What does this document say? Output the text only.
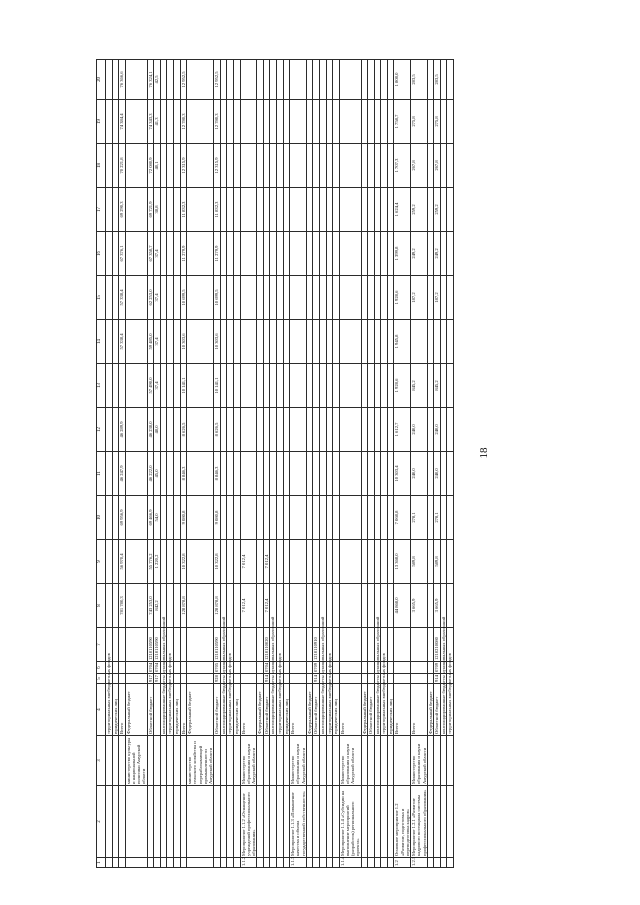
18
1	2	3	4	5	6	7	8	9	10	11	12	13	14	15	16	17	18	19	20
			территориальных внебюджетных фондов																
			юридических лиц																
			Всего				781 780,3	56 970,4	69 956,9	46 247,9	46 289,9		57 338,4	57 338,4	67 376,1	69 290,3	70 221,8	74 384,4	76 366,6
		министерство культуры и национальной политики Амурской области	Федеральный бюджет																
			Областной бюджет	917	0704	1210110590	743 253,0	55 776,2	69 466,9	46 222,0	46 238,0	57 490,0	59 485,0	62 253,0	67 358,7	69 721,9	72 080,9	74 343,3	76 324,1
				917	0704	1210110590	842,2	1 220,2	54,0	45,0	48,0	37,4	37,4	37,4	37,4	38,8	40,1	41,3	42,5
			консолидированные бюджеты муниципальных образований																
			территориальных внебюджетных фондов																
			юридических лиц																
			Всего				128 878,8	10 322,8	9 080,8	8 846,3	8 626,5	10 141,1	10 303,6	10 699,5	11 279,9	11 832,3	12 315,9	12 780,3	12 952,5
		министерство сельского хозяйства и перерабатывающей промышленности Амурской области	Федеральный бюджет																
			Областной бюджет	928	0705	1210110590	128 878,8	10 322,8	9 080,8	8 846,3	8 626,5	10 141,1	10 303,6	10 699,5	11 279,9	11 832,3	12 315,9	12 780,3	12 952,5
			консолидированные бюджеты муниципальных образований																
			территориальных внебюджетных фондов																
			юридических лиц																
1.1.2	Мероприятие 1.1.2 «Оснащение учреждений профессионального образования»	Министерство образования и науки Амурской области	Всего				7 012,4	7 012,4											
			Федеральный бюджет																
			Областной бюджет	914	0704	1210110020	7 012,4	7 012,4											
			консолидированные бюджеты муниципальных образований																
			территориальных внебюджетных фондов																
			юридических лиц																
1.1.3	Мероприятие 1.1.3 «Повышение качества и объема государственной собственности»	Министерство образования и науки Амурской области	Всего																
			Федеральный бюджет																
			Областной бюджет	914	0709	1210110910													
			консолидированные бюджеты муниципальных образований																
			территориальных внебюджетных фондов																
			юридических лиц																
1.1.4	Мероприятие 1.1.4 «Субсидии на выполнение мероприятий (разработок) регионального проекта»	Министерство образования и науки Амурской области	Всего																
			Федеральный бюджет																
			Областной бюджет																
			консолидированные бюджеты муниципальных образований																
			территориальных внебюджетных фондов																
			юридических лиц																
1.2	Основное мероприятие 1.2 «Развитие, подготовка и переподготовка кадров»		Всего				44 868,0	13 368,0	7 068,8	10 303,4	1 612,7	1 928,6	1 945,8	1 928,6	1 399,8	1 624,4	1 707,3	1 758,7	1 808,0
1.2.1	Мероприятие 1.2.1 «Развитие кадрового потенциала системы профессионального образования»	Министерство образования и науки Амурской области	Всего				3 665,9	589,8	278,1	240,0	240,0	845,2		187,2	249,2	259,2	267,8	275,8	283,5
			Федеральный бюджет																
			Областной бюджет	914	0709	1210210080	3 665,9	589,8	278,1	240,0	240,0	845,2		187,2	249,2	259,2	267,8	275,8	283,5
			консолидированные бюджеты муниципальных образований																
			территориальных внебюджетных фондов																
